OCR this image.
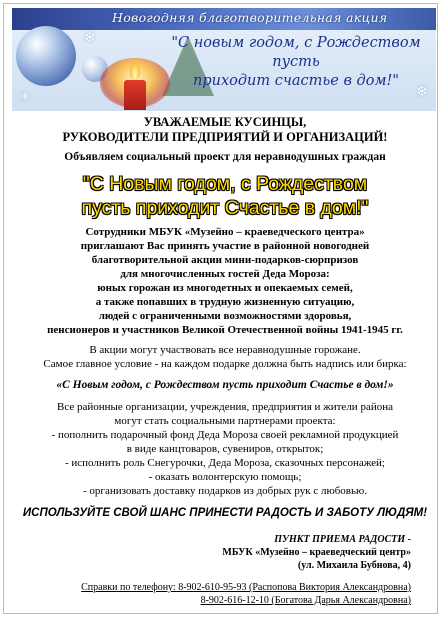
❄
❄
❄
Новогодняя благотворительная акция
"С новым годом, с Рождеством
пусть
приходит счастье в дом!"
УВАЖАЕМЫЕ КУСИНЦЫ,
РУКОВОДИТЕЛИ ПРЕДПРИЯТИЙ И ОРГАНИЗАЦИЙ!
Объявляем социальный проект для неравнодушных граждан
"С Новым годом, с Рождеством
пусть приходит Счастье в дом!"
Сотрудники МБУК «Музейно – краеведческого центра»
приглашают Вас принять участие в районной новогодней
благотворительной акции мини-подарков-сюрпризов
для многочисленных гостей Деда Мороза:
юных горожан из многодетных и опекаемых семей,
а также попавших в трудную жизненную ситуацию,
людей с ограниченными возможностями здоровья,
пенсионеров и участников Великой Отечественной войны 1941-1945 гг.
В акции могут участвовать все неравнодушные горожане.
Самое главное условие - на каждом подарке должна быть надпись или бирка:
«С Новым годом, с Рождеством пусть приходит Счастье в дом!»
Все районные организации, учреждения, предприятия и жители района
могут стать социальными партнерами проекта:
- пополнить подарочный фонд Деда Мороза своей рекламной продукцией
в виде канцтоваров, сувениров, открыток;
- исполнить роль Снегурочки, Деда Мороза, сказочных персонажей;
- оказать волонтерскую помощь;
- организовать доставку подарков из добрых рук с любовью.
ИСПОЛЬЗУЙТЕ СВОЙ ШАНС ПРИНЕСТИ РАДОСТЬ И ЗАБОТУ ЛЮДЯМ!
ПУНКТ ПРИЕМА РАДОСТИ -
МБУК «Музейно – краеведческий центр»
(ул. Михаила Бубнова, 4)
Справки по телефону: 8-902-610-95-93 (Распопова Виктория Александровна)
8-902-616-12-10 (Богатова Дарья Александровна)
